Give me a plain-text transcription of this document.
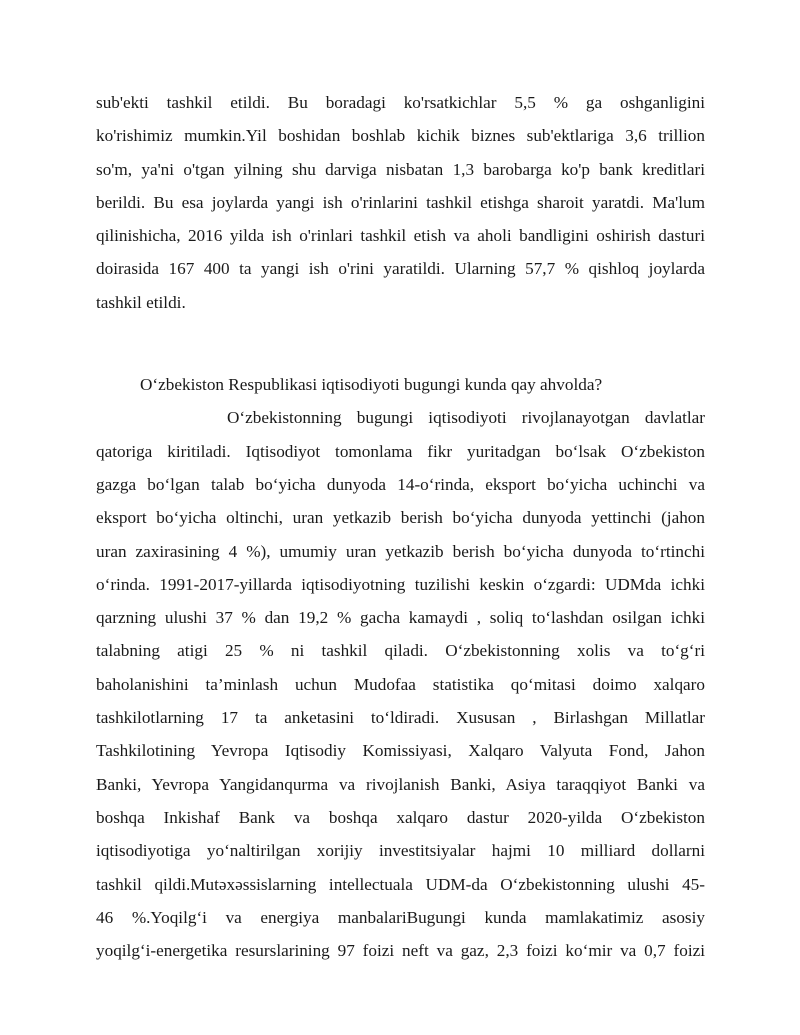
sub'ekti tashkil etildi. Bu boradagi ko'rsatkichlar 5,5 % ga oshganligini
ko'rishimiz mumkin.Yil boshidan boshlab kichik biznes sub'ektlariga 3,6 trillion
so'm, ya'ni o'tgan yilning shu darviga nisbatan 1,3 barobarga ko'p bank kreditlari
berildi. Bu esa joylarda yangi ish o'rinlarini tashkil etishga sharoit yaratdi. Ma'lum
qilinishicha, 2016 yilda ish o'rinlari tashkil etish va aholi bandligini oshirish dasturi
doirasida 167 400 ta yangi ish o'rini yaratildi. Ularning 57,7 % qishloq joylarda
tashkil etildi.
O‘zbekiston Respublikasi iqtisodiyoti bugungi kunda qay ahvolda?
O‘zbekistonning bugungi iqtisodiyoti rivojlanayotgan davlatlar
qatoriga kiritiladi. Iqtisodiyot tomonlama fikr yuritadgan bo‘lsak O‘zbekiston
gazga bo‘lgan talab bo‘yicha dunyoda 14-o‘rinda, eksport bo‘yicha uchinchi va
eksport bo‘yicha oltinchi, uran yetkazib berish bo‘yicha dunyoda yettinchi (jahon
uran zaxirasining 4 %), umumiy uran yetkazib berish bo‘yicha dunyoda to‘rtinchi
o‘rinda. 1991-2017-yillarda iqtisodiyotning tuzilishi keskin o‘zgardi: UDMda ichki
qarzning ulushi 37 % dan 19,2 % gacha kamaydi , soliq to‘lashdan osilgan ichki
talabning atigi 25 % ni tashkil qiladi. O‘zbekistonning xolis va to‘g‘ri
baholanishini ta’minlash uchun Mudofaa statistika qo‘mitasi doimo xalqaro
tashkilotlarning 17 ta anketasini to‘ldiradi. Xususan , Birlashgan Millatlar
Tashkilotining Yevropa Iqtisodiy Komissiyasi, Xalqaro Valyuta Fond, Jahon
Banki, Yevropa Yangidanqurma va rivojlanish Banki, Asiya taraqqiyot Banki va
boshqa Inkishaf Bank va boshqa xalqaro dastur 2020-yilda O‘zbekiston
iqtisodiyotiga yo‘naltirilgan xorijiy investitsiyalar hajmi 10 milliard dollarni
tashkil qildi.Mutəxəssislarning intellectuala UDM-da O‘zbekistonning ulushi 45-
46 %.Yoqilg‘i va energiya manbalariBugungi kunda mamlakatimiz asosiy
yoqilg‘i-energetika resurslarining 97 foizi neft va gaz, 2,3 foizi ko‘mir va 0,7 foizi
